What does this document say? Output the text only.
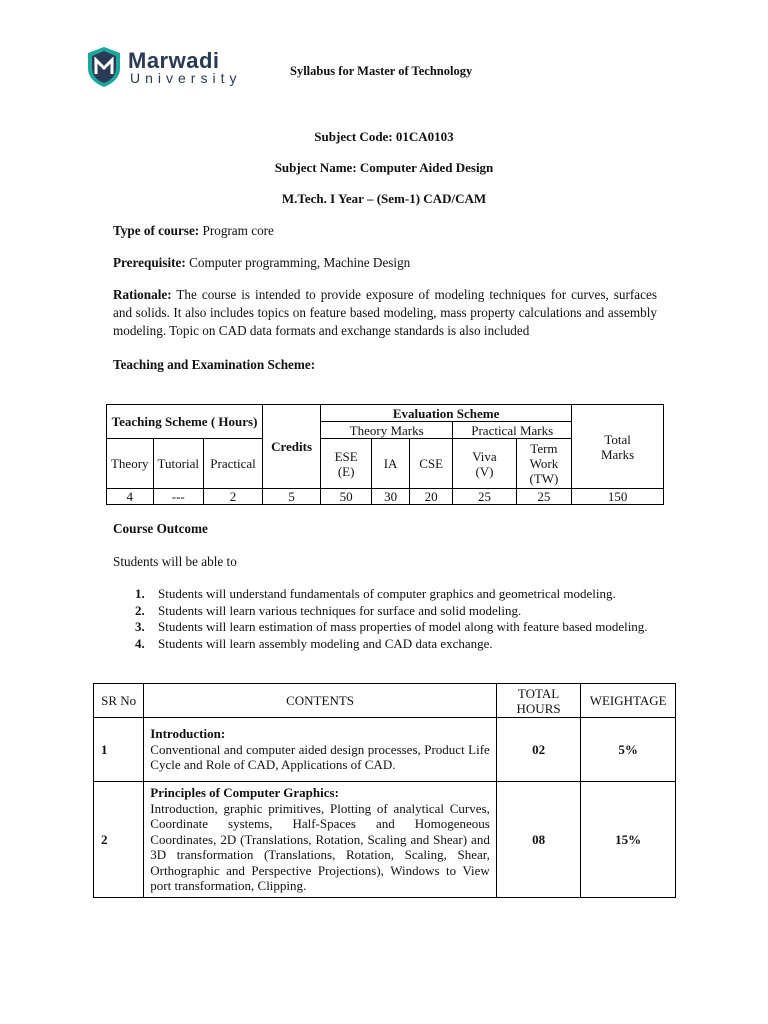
Marwadi
University	Syllabus for Master of Technology
Subject Code: 01CA0103
Subject Name: Computer Aided Design
M.Tech. I Year – (Sem-1) CAD/CAM
Type of course: Program core
Prerequisite: Computer programming, Machine Design
Rationale: The course is intended to provide exposure of modeling techniques for curves, surfaces and solids. It also includes topics on feature based modeling, mass property calculations and assembly modeling. Topic on CAD data formats and exchange standards is also included
Teaching and Examination Scheme:
Teaching Scheme ( Hours)			Credits	Evaluation Scheme					Total Marks
				Theory Marks			Practical Marks		
Theory	Tutorial	Practical		ESE (E)	IA	CSE	Viva (V)	Term Work (TW)	
4	---	2	5	50	30	20	25	25	150
Course Outcome
Students will be able to
1. Students will understand fundamentals of computer graphics and geometrical modeling.
2. Students will learn various techniques for surface and solid modeling.
3. Students will learn estimation of mass properties of model along with feature based modeling.
4. Students will learn assembly modeling and CAD data exchange.
SR No	CONTENTS	TOTAL HOURS	WEIGHTAGE
1	Introduction:
Conventional and computer aided design processes, Product Life Cycle and Role of CAD, Applications of CAD.	02	5%
2	Principles of Computer Graphics:
Introduction, graphic primitives, Plotting of analytical Curves, Coordinate systems, Half-Spaces and Homogeneous Coordinates, 2D (Translations, Rotation, Scaling and Shear) and 3D transformation (Translations, Rotation, Scaling, Shear, Orthographic and Perspective Projections), Windows to View port transformation, Clipping.	08	15%
